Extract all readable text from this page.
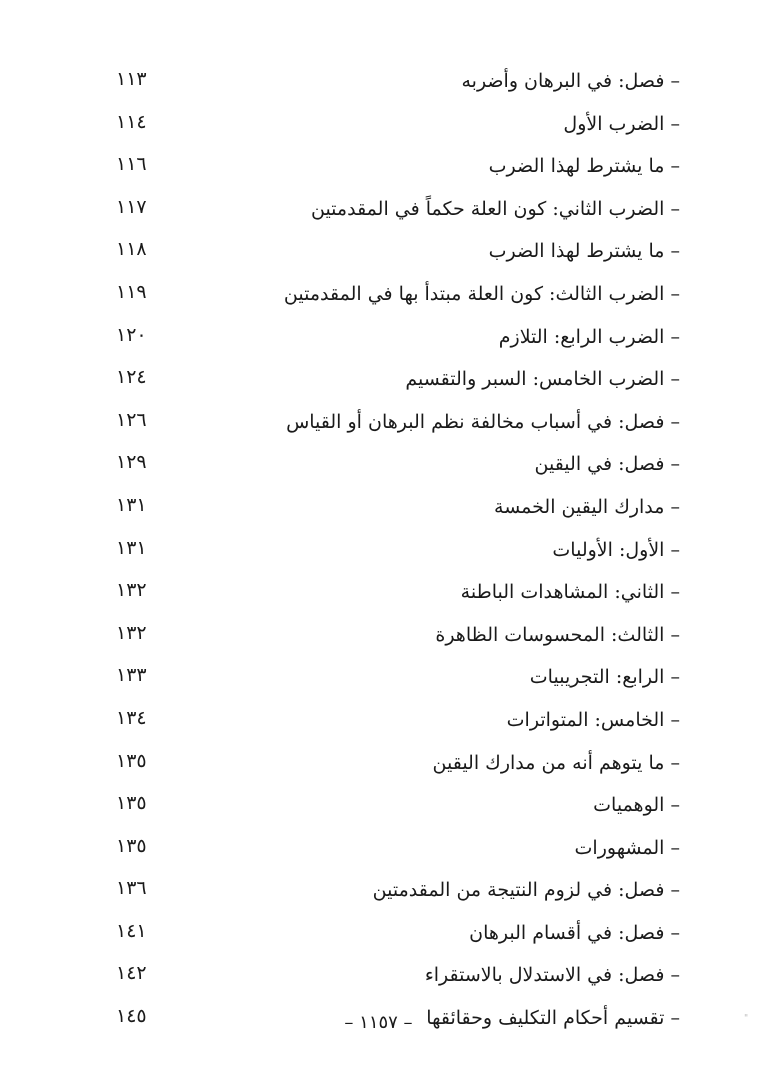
– فصل: في البرهان وأضربه
١١٣
– الضرب الأول
١١٤
– ما يشترط لهذا الضرب
١١٦
– الضرب الثاني: كون العلة حكماً في المقدمتين
١١٧
– ما يشترط لهذا الضرب
١١٨
– الضرب الثالث: كون العلة مبتدأ بها في المقدمتين
١١٩
– الضرب الرابع: التلازم
١٢٠
– الضرب الخامس: السبر والتقسيم
١٢٤
– فصل: في أسباب مخالفة نظم البرهان أو القياس
١٢٦
– فصل: في اليقين
١٢٩
– مدارك اليقين الخمسة
١٣١
– الأول: الأوليات
١٣١
– الثاني: المشاهدات الباطنة
١٣٢
– الثالث: المحسوسات الظاهرة
١٣٢
– الرابع: التجريبيات
١٣٣
– الخامس: المتواترات
١٣٤
– ما يتوهم أنه من مدارك اليقين
١٣٥
– الوهميات
١٣٥
– المشهورات
١٣٥
– فصل: في لزوم النتيجة من المقدمتين
١٣٦
– فصل: في أقسام البرهان
١٤١
– فصل: في الاستدلال بالاستقراء
١٤٢
– تقسيم أحكام التكليف وحقائقها
١٤٥	– ١١٥٧ –	"
